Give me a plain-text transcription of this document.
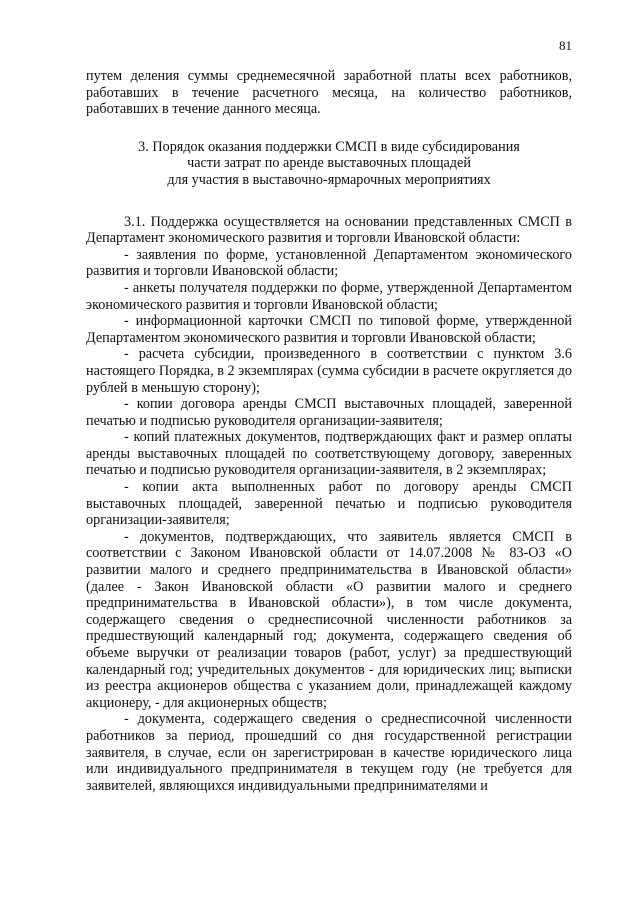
81

путем деления суммы среднемесячной заработной платы всех работников, работавших в течение расчетного месяца, на количество работников, работавших в течение данного месяца.

3. Порядок оказания поддержки СМСП в виде субсидирования
части затрат по аренде выставочных площадей
для участия в выставочно-ярмарочных мероприятиях

3.1. Поддержка осуществляется на основании представленных СМСП в Департамент экономического развития и торговли Ивановской области:

- заявления по форме, установленной Департаментом экономического развития и торговли Ивановской области;

- анкеты получателя поддержки по форме, утвержденной Департаментом экономического развития и торговли Ивановской области;

- информационной карточки СМСП по типовой форме, утвержденной Департаментом экономического развития и торговли Ивановской области;

- расчета субсидии, произведенного в соответствии с пунктом 3.6 настоящего Порядка, в 2 экземплярах (сумма субсидии в расчете округляется до рублей в меньшую сторону);

- копии договора аренды СМСП выставочных площадей, заверенной печатью и подписью руководителя организации-заявителя;

- копий платежных документов, подтверждающих факт и размер оплаты аренды выставочных площадей по соответствующему договору, заверенных печатью и подписью руководителя организации-заявителя, в 2 экземплярах;

- копии акта выполненных работ по договору аренды СМСП выставочных площадей, заверенной печатью и подписью руководителя организации-заявителя;

- документов, подтверждающих, что заявитель является СМСП в соответствии с Законом Ивановской области от 14.07.2008 № 83-ОЗ «О развитии малого и среднего предпринимательства в Ивановской области» (далее - Закон Ивановской области «О развитии малого и среднего предпринимательства в Ивановской области»), в том числе документа, содержащего сведения о среднесписочной численности работников за предшествующий календарный год; документа, содержащего сведения об объеме выручки от реализации товаров (работ, услуг) за предшествующий календарный год; учредительных документов - для юридических лиц; выписки из реестра акционеров общества с указанием доли, принадлежащей каждому акционеру, - для акционерных обществ;

- документа, содержащего сведения о среднесписочной численности работников за период, прошедший со дня государственной регистрации заявителя, в случае, если он зарегистрирован в качестве юридического лица или индивидуального предпринимателя в текущем году (не требуется для заявителей, являющихся индивидуальными предпринимателями и
